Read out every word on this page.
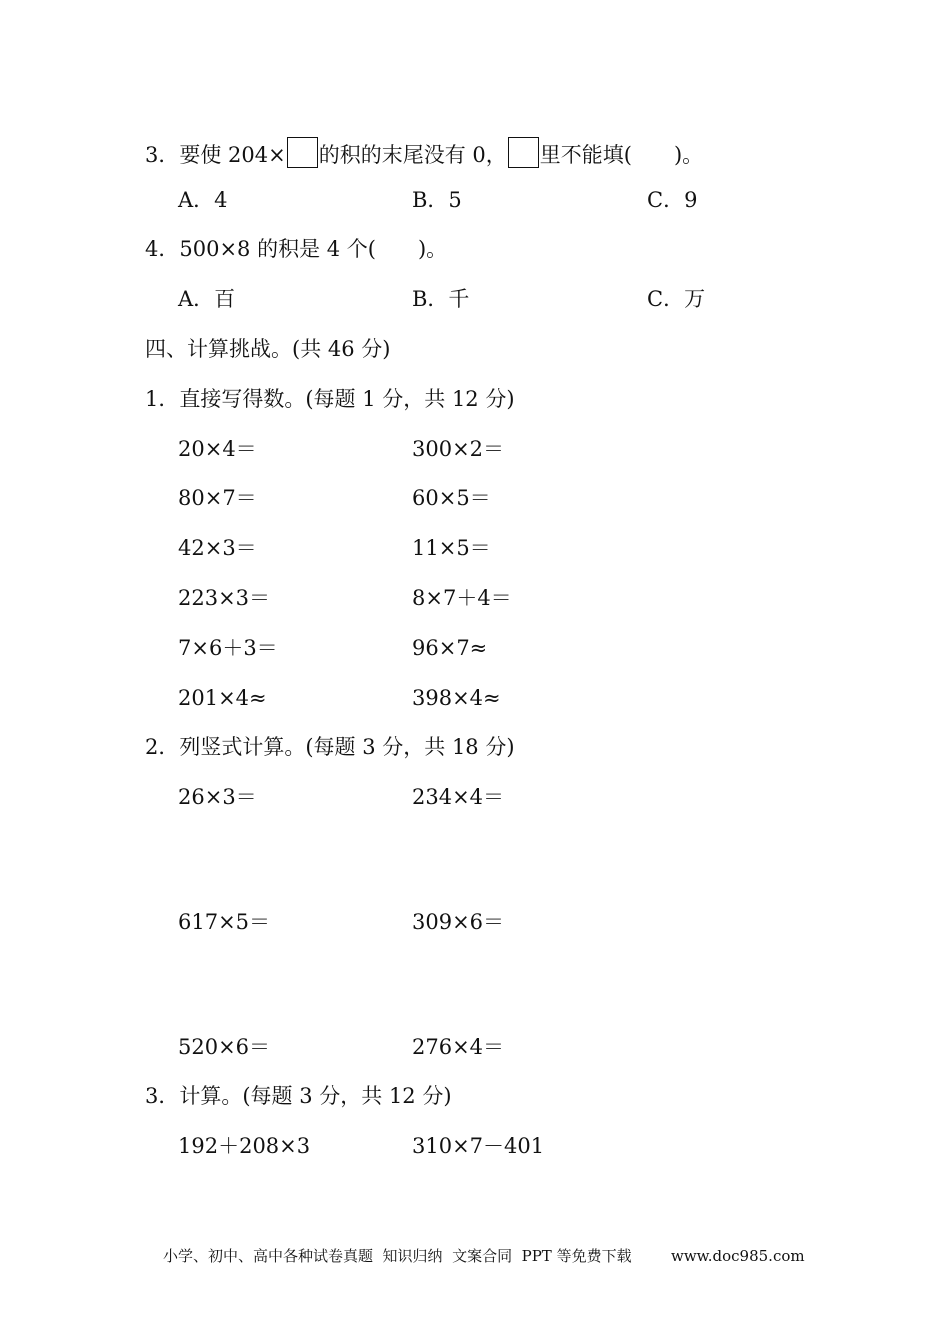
3．要使 204× 的积的末尾没有 0， 里不能填(　　)。
A．4	B．5	C．9
4．500×8 的积是 4 个(　　)。
A．百	B．千	C．万
四、计算挑战。(共 46 分)
1．直接写得数。(每题 1 分，共 12 分)
20×4＝	300×2＝
80×7＝	60×5＝
42×3＝	11×5＝
223×3＝	8×7＋4＝
7×6＋3＝	96×7≈
201×4≈	398×4≈
2．列竖式计算。(每题 3 分，共 18 分)
26×3＝	234×4＝
617×5＝	309×6＝
520×6＝	276×4＝
3．计算。(每题 3 分，共 12 分)
192＋208×3	310×7－401
小学、初中、高中各种试卷真题  知识归纳  文案合同  PPT 等免费下载	www.doc985.com
